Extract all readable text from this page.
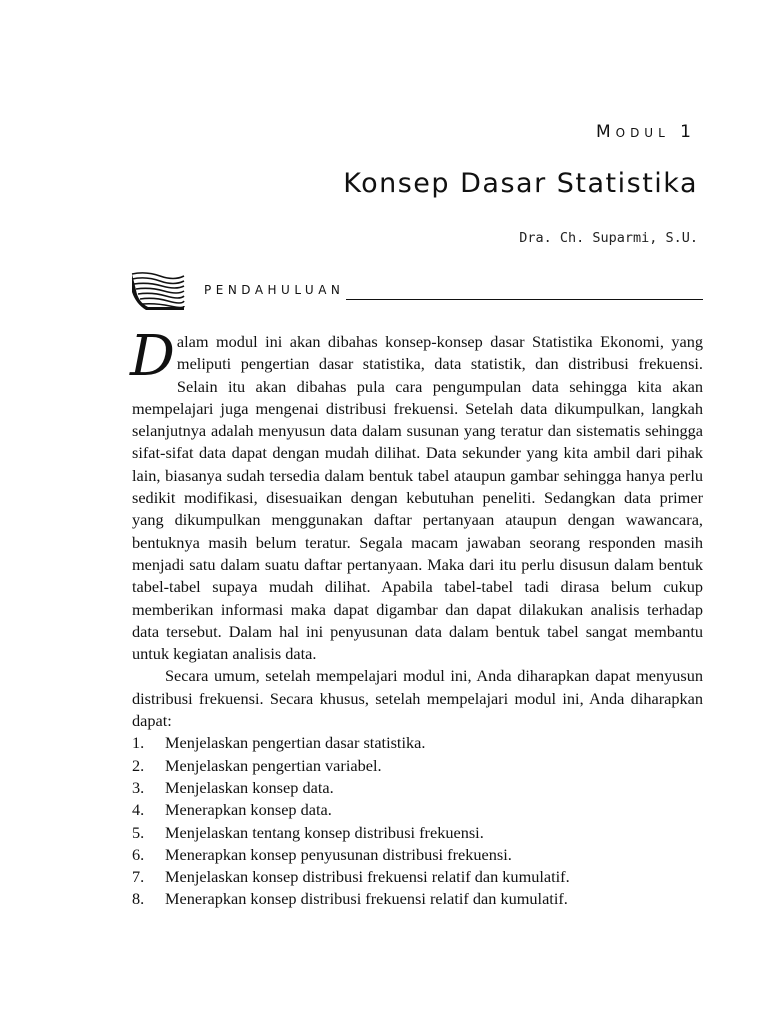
Modul 1
Konsep Dasar Statistika
Dra. Ch. Suparmi, S.U.
PENDAHULUAN

Dalam modul ini akan dibahas konsep-konsep dasar Statistika Ekonomi, yang meliputi pengertian dasar statistika, data statistik, dan distribusi frekuensi. Selain itu akan dibahas pula cara pengumpulan data sehingga kita akan mempelajari juga mengenai distribusi frekuensi. Setelah data dikumpulkan, langkah selanjutnya adalah menyusun data dalam susunan yang teratur dan sistematis sehingga sifat-sifat data dapat dengan mudah dilihat. Data sekunder yang kita ambil dari pihak lain, biasanya sudah tersedia dalam bentuk tabel ataupun gambar sehingga hanya perlu sedikit modifikasi, disesuaikan dengan kebutuhan peneliti. Sedangkan data primer yang dikumpulkan menggunakan daftar pertanyaan ataupun dengan wawancara, bentuknya masih belum teratur. Segala macam jawaban seorang responden masih menjadi satu dalam suatu daftar pertanyaan. Maka dari itu perlu disusun dalam bentuk tabel-tabel supaya mudah dilihat. Apabila tabel-tabel tadi dirasa belum cukup memberikan informasi maka dapat digambar dan dapat dilakukan analisis terhadap data tersebut. Dalam hal ini penyusunan data dalam bentuk tabel sangat membantu untuk kegiatan analisis data.

Secara umum, setelah mempelajari modul ini, Anda diharapkan dapat menyusun distribusi frekuensi. Secara khusus, setelah mempelajari modul ini, Anda diharapkan dapat:

1.	Menjelaskan pengertian dasar statistika.
2.	Menjelaskan pengertian variabel.
3.	Menjelaskan konsep data.
4.	Menerapkan konsep data.
5.	Menjelaskan tentang konsep distribusi frekuensi.
6.	Menerapkan konsep penyusunan distribusi frekuensi.
7.	Menjelaskan konsep distribusi frekuensi relatif dan kumulatif.
8.	Menerapkan konsep distribusi frekuensi relatif dan kumulatif.
